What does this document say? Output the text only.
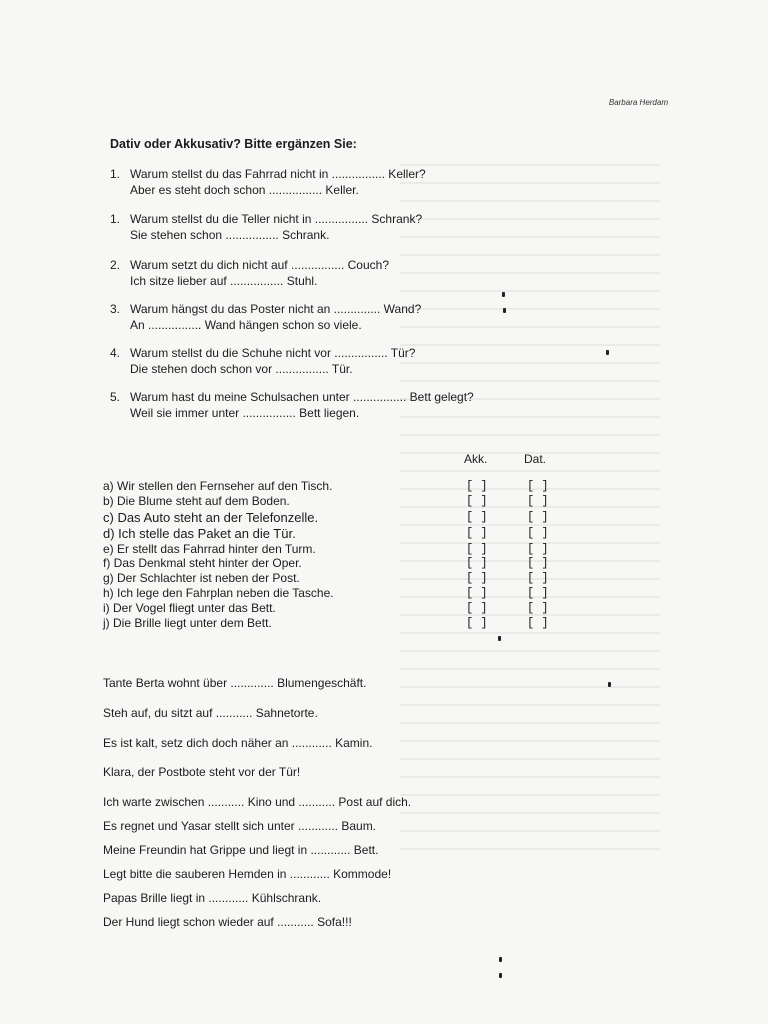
Barbara Herdam
Dativ oder Akkusativ? Bitte ergänzen Sie:
1. Warum stellst du das Fahrrad nicht in ................ Keller?
Aber es steht doch schon ................ Keller.
1. Warum stellst du die Teller nicht in ................ Schrank?
Sie stehen schon ................ Schrank.
2. Warum setzt du dich nicht auf ................ Couch?
Ich sitze lieber auf ................ Stuhl.
3. Warum hängst du das Poster nicht an .............. Wand?
An ................ Wand hängen schon so viele.
4. Warum stellst du die Schuhe nicht vor ................ Tür?
Die stehen doch schon vor ................ Tür.
5. Warum hast du meine Schulsachen unter ................ Bett gelegt?
Weil sie immer unter ................ Bett liegen.
Akk.	Dat.
a) Wir stellen den Fernseher auf den Tisch.
b) Die Blume steht auf dem Boden.
c) Das Auto steht an der Telefonzelle.
d) Ich stelle das Paket an die Tür.
e) Er stellt das Fahrrad hinter den Turm.
f) Das Denkmal steht hinter der Oper.
g) Der Schlachter ist neben der Post.
h) Ich lege den Fahrplan neben die Tasche.
i) Der Vogel fliegt unter das Bett.
j) Die Brille liegt unter dem Bett.
[ ]
[ ]
[ ]
[ ]
[ ]
[ ]
[ ]
[ ]
[ ]
[ ]
[ ]
[ ]
[ ]
[ ]
[ ]
[ ]
[ ]
[ ]
[ ]
[ ]
Tante Berta wohnt über ............. Blumengeschäft.
Steh auf, du sitzt auf ........... Sahnetorte.
Es ist kalt, setz dich doch näher an ............ Kamin.
Klara, der Postbote steht vor der Tür!
Ich warte zwischen ........... Kino und ........... Post auf dich.
Es regnet und Yasar stellt sich unter ............ Baum.
Meine Freundin hat Grippe und liegt in ............ Bett.
Legt bitte die sauberen Hemden in ............ Kommode!
Papas Brille liegt in ............ Kühlschrank.
Der Hund liegt schon wieder auf ........... Sofa!!!
